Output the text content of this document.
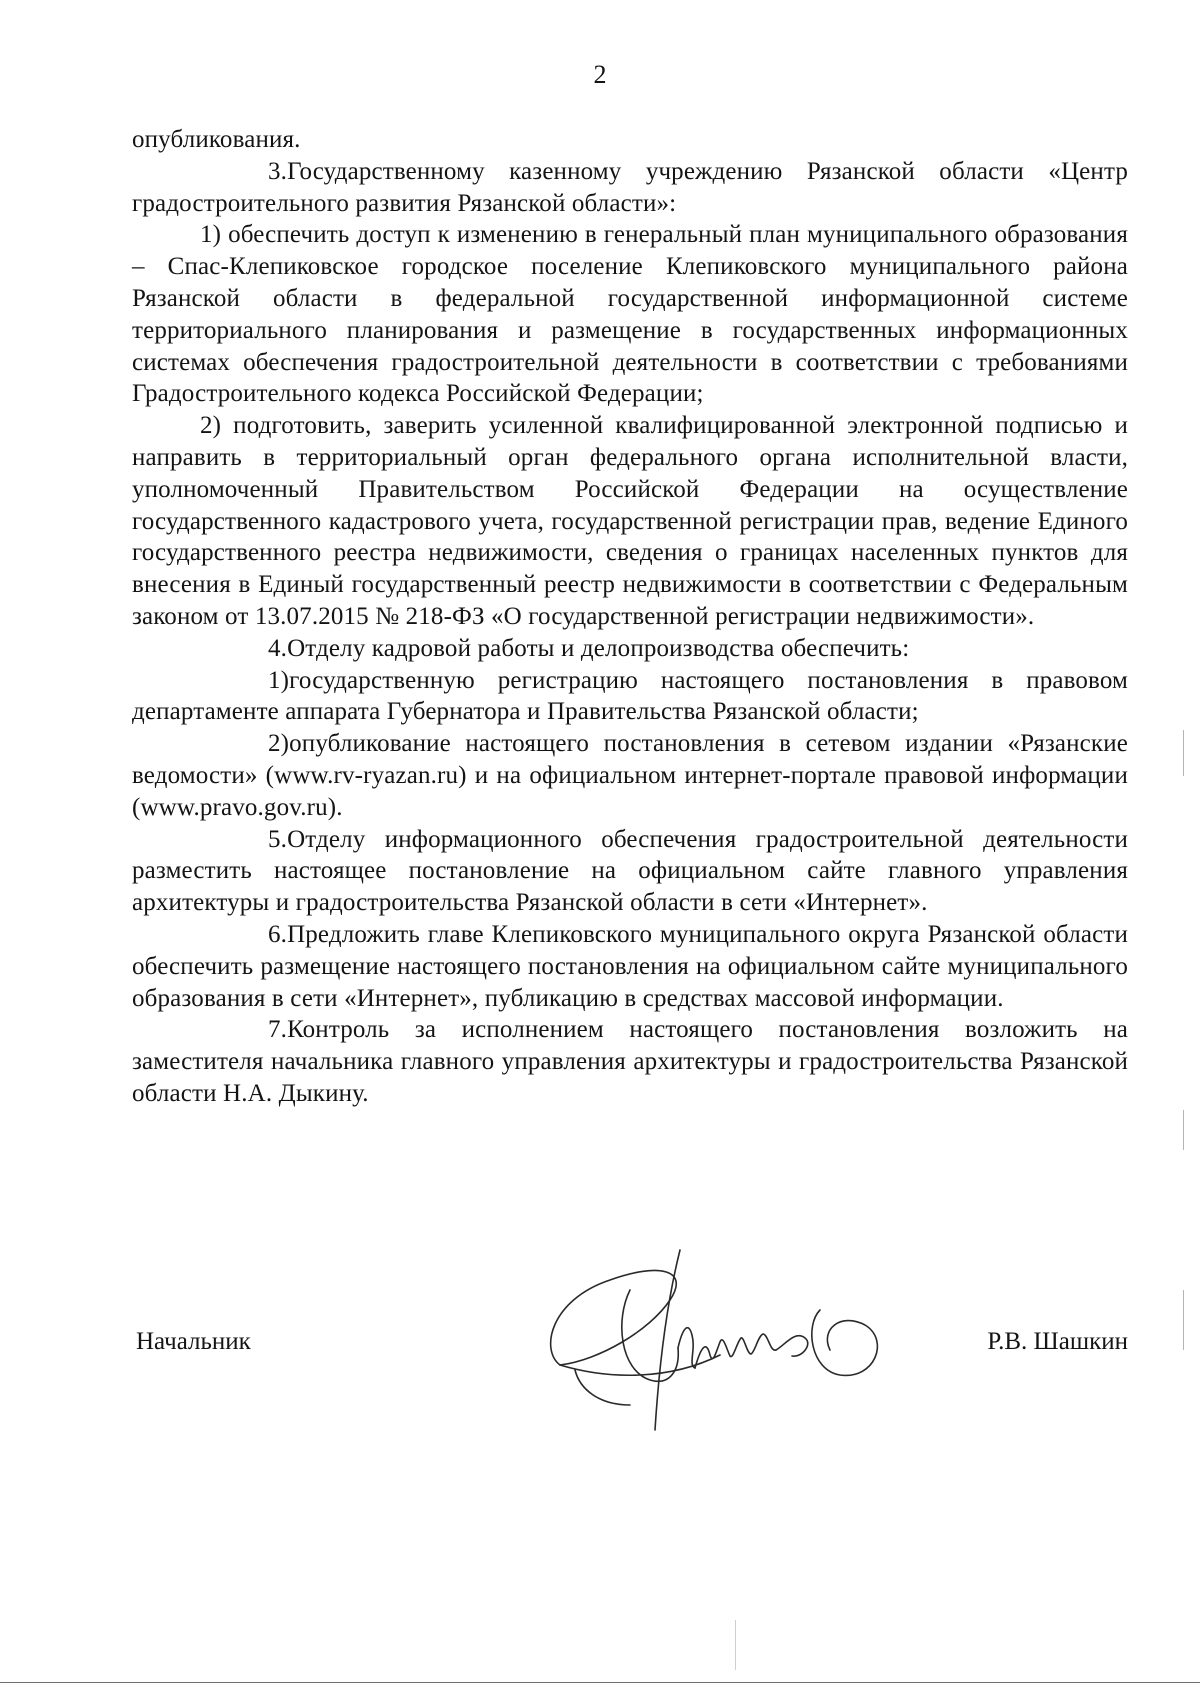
2

опубликования.

3.Государственному казенному учреждению Рязанской области «Центр градостроительного развития Рязанской области»:

1) обеспечить доступ к изменению в генеральный план муниципального образования – Спас-Клепиковское городское поселение Клепиковского муниципального района Рязанской области в федеральной государственной информационной системе территориального планирования и размещение в государственных информационных системах обеспечения градостроительной деятельности в соответствии с требованиями Градостроительного кодекса Российской Федерации;

2) подготовить, заверить усиленной квалифицированной электронной подписью и направить в территориальный орган федерального органа исполнительной власти, уполномоченный Правительством Российской Федерации на осуществление государственного кадастрового учета, государственной регистрации прав, ведение Единого государственного реестра недвижимости, сведения о границах населенных пунктов для внесения в Единый государственный реестр недвижимости в соответствии с Федеральным законом от 13.07.2015 № 218-ФЗ «О государственной регистрации недвижимости».

4.Отделу кадровой работы и делопроизводства обеспечить:

1)государственную регистрацию настоящего постановления в правовом департаменте аппарата Губернатора и Правительства Рязанской области;

2)опубликование настоящего постановления в сетевом издании «Рязанские ведомости» (www.rv-ryazan.ru) и на официальном интернет-портале правовой информации (www.pravo.gov.ru).

5.Отделу информационного обеспечения градостроительной деятельности разместить настоящее постановление на официальном сайте главного управления архитектуры и градостроительства Рязанской области в сети «Интернет».

6.Предложить главе Клепиковского муниципального округа Рязанской области обеспечить размещение настоящего постановления на официальном сайте муниципального образования в сети «Интернет», публикацию в средствах массовой информации.

7.Контроль за исполнением настоящего постановления возложить на заместителя начальника главного управления архитектуры и градостроительства Рязанской области Н.А. Дыкину.

Начальник	Р.В. Шашкин
